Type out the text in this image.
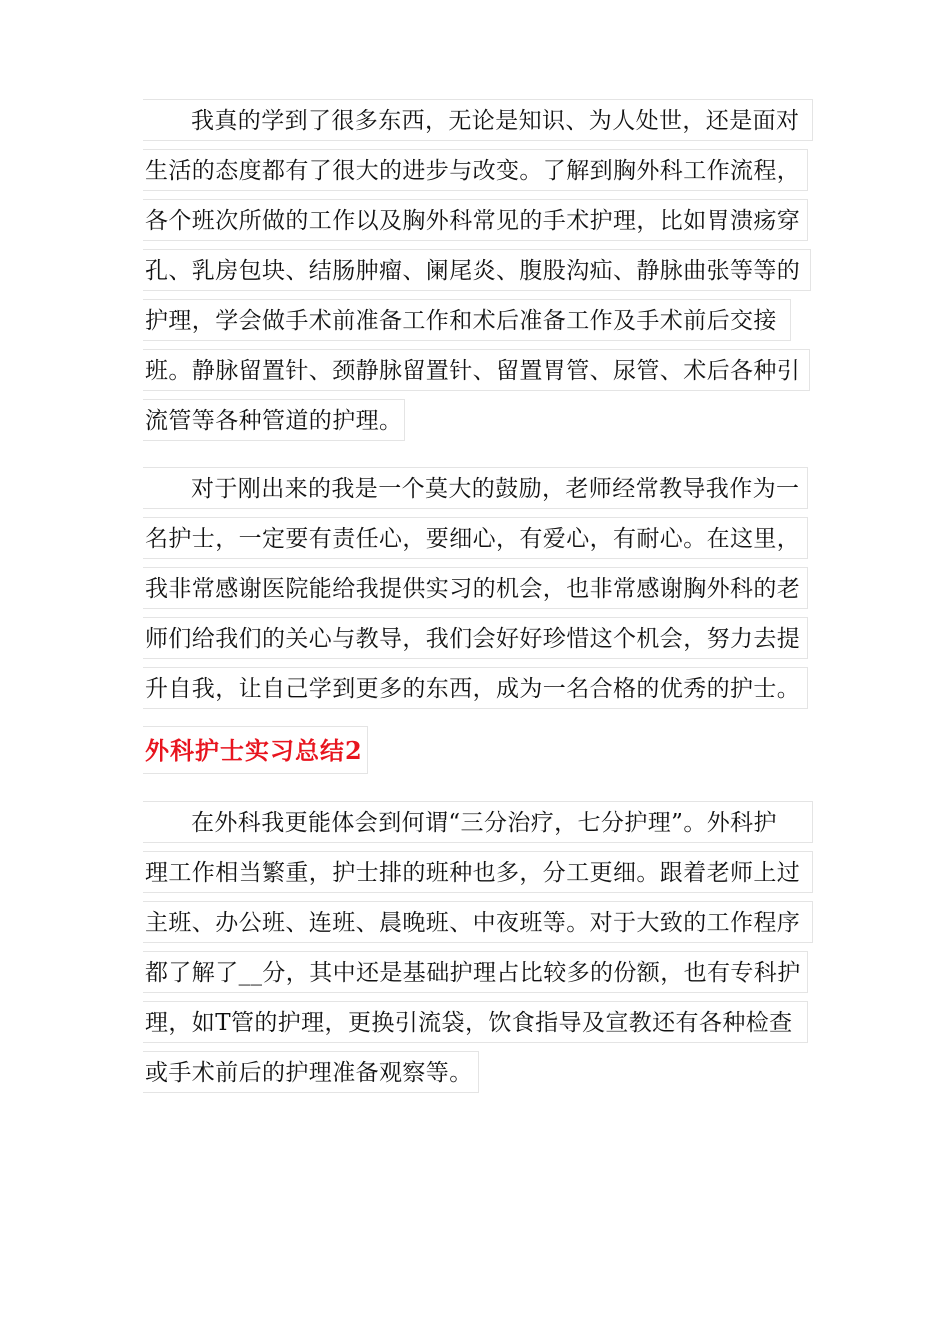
我真的学到了很多东西，无论是知识、为人处世，还是面对
生活的态度都有了很大的进步与改变。了解到胸外科工作流程，
各个班次所做的工作以及胸外科常见的手术护理，比如胃溃疡穿
孔、乳房包块、结肠肿瘤、阑尾炎、腹股沟疝、静脉曲张等等的
护理，学会做手术前准备工作和术后准备工作及手术前后交接
班。静脉留置针、颈静脉留置针、留置胃管、尿管、术后各种引
流管等各种管道的护理。
对于刚出来的我是一个莫大的鼓励，老师经常教导我作为一
名护士，一定要有责任心，要细心，有爱心，有耐心。在这里，
我非常感谢医院能给我提供实习的机会，也非常感谢胸外科的老
师们给我们的关心与教导，我们会好好珍惜这个机会，努力去提
升自我，让自己学到更多的东西，成为一名合格的优秀的护士。
外科护士实习总结2
在外科我更能体会到何谓“三分治疗，七分护理”。外科护
理工作相当繁重，护士排的班种也多，分工更细。跟着老师上过
主班、办公班、连班、晨晚班、中夜班等。对于大致的工作程序
都了解了__分，其中还是基础护理占比较多的份额，也有专科护
理，如T管的护理，更换引流袋，饮食指导及宣教还有各种检查
或手术前后的护理准备观察等。
